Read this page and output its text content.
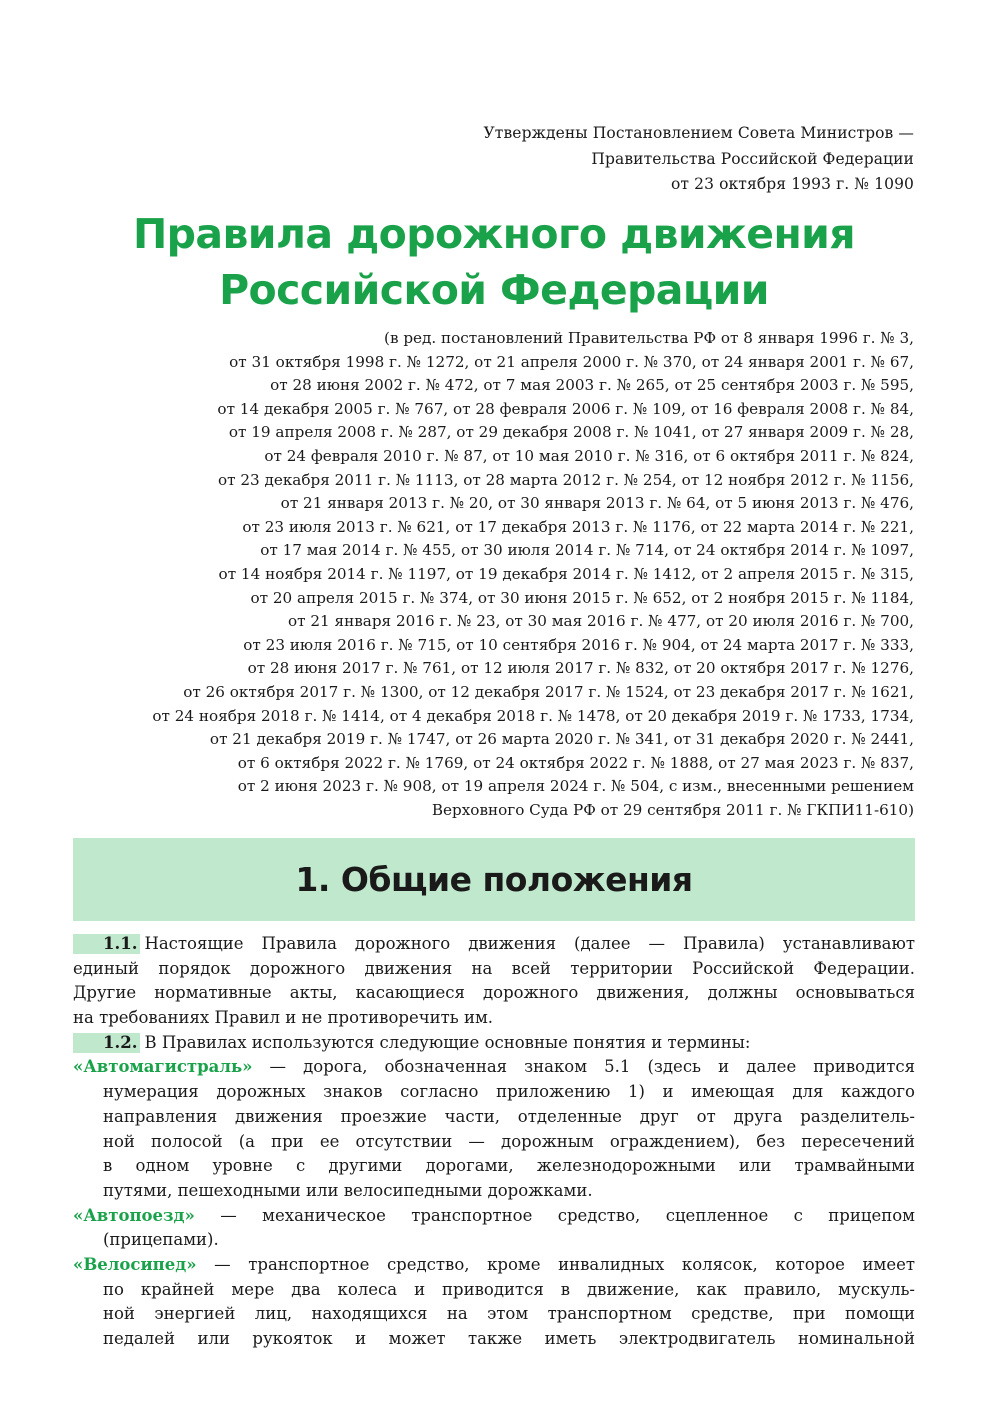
Утверждены Постановлением Совета Министров —
Правительства Российской Федерации
от 23 октября 1993 г. № 1090
Правила дорожного движения
Российской Федерации
(в ред. постановлений Правительства РФ от 8 января 1996 г. № 3,
от 31 октября 1998 г. № 1272, от 21 апреля 2000 г. № 370, от 24 января 2001 г. № 67,
от 28 июня 2002 г. № 472, от 7 мая 2003 г. № 265, от 25 сентября 2003 г. № 595,
от 14 декабря 2005 г. № 767, от 28 февраля 2006 г. № 109, от 16 февраля 2008 г. № 84,
от 19 апреля 2008 г. № 287, от 29 декабря 2008 г. № 1041, от 27 января 2009 г. № 28,
от 24 февраля 2010 г. № 87, от 10 мая 2010 г. № 316, от 6 октября 2011 г. № 824,
от 23 декабря 2011 г. № 1113, от 28 марта 2012 г. № 254, от 12 ноября 2012 г. № 1156,
от 21 января 2013 г. № 20, от 30 января 2013 г. № 64, от 5 июня 2013 г. № 476,
от 23 июля 2013 г. № 621, от 17 декабря 2013 г. № 1176, от 22 марта 2014 г. № 221,
от 17 мая 2014 г. № 455, от 30 июля 2014 г. № 714, от 24 октября 2014 г. № 1097,
от 14 ноября 2014 г. № 1197, от 19 декабря 2014 г. № 1412, от 2 апреля 2015 г. № 315,
от 20 апреля 2015 г. № 374, от 30 июня 2015 г. № 652, от 2 ноября 2015 г. № 1184,
от 21 января 2016 г. № 23, от 30 мая 2016 г. № 477, от 20 июля 2016 г. № 700,
от 23 июля 2016 г. № 715, от 10 сентября 2016 г. № 904, от 24 марта 2017 г. № 333,
от 28 июня 2017 г. № 761, от 12 июля 2017 г. № 832, от 20 октября 2017 г. № 1276,
от 26 октября 2017 г. № 1300, от 12 декабря 2017 г. № 1524, от 23 декабря 2017 г. № 1621,
от 24 ноября 2018 г. № 1414, от 4 декабря 2018 г. № 1478, от 20 декабря 2019 г. № 1733, 1734,
от 21 декабря 2019 г. № 1747, от 26 марта 2020 г. № 341, от 31 декабря 2020 г. № 2441,
от 6 октября 2022 г. № 1769, от 24 октября 2022 г. № 1888, от 27 мая 2023 г. № 837,
от 2 июня 2023 г. № 908, от 19 апреля 2024 г. № 504, с изм., внесенными решением
Верховного Суда РФ от 29 сентября 2011 г. № ГКПИ11-610)
1. Общие положения
1.1. Настоящие Правила дорожного движения (далее — Правила) устанавливают
единый порядок дорожного движения на всей территории Российской Федерации.
Другие нормативные акты, касающиеся дорожного движения, должны основываться
на требованиях Правил и не противоречить им.
1.2. В Правилах используются следующие основные понятия и термины:
«Автомагистраль» — дорога, обозначенная знаком 5.1 (здесь и далее приводится
нумерация дорожных знаков согласно приложению 1) и имеющая для каждого
направления движения проезжие части, отделенные друг от друга разделитель-
ной полосой (а при ее отсутствии — дорожным ограждением), без пересечений
в одном уровне с другими дорогами, железнодорожными или трамвайными
путями, пешеходными или велосипедными дорожками.
«Автопоезд» — механическое транспортное средство, сцепленное с прицепом
(прицепами).
«Велосипед» — транспортное средство, кроме инвалидных колясок, которое имеет
по крайней мере два колеса и приводится в движение, как правило, мускуль-
ной энергией лиц, находящихся на этом транспортном средстве, при помощи
педалей или рукояток и может также иметь электродвигатель номинальной
